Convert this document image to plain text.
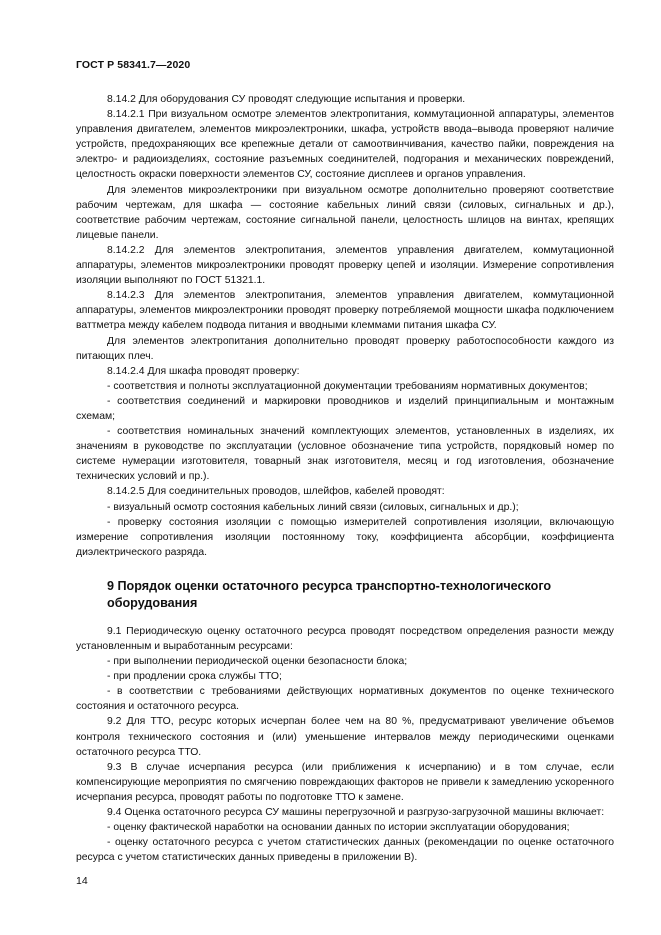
ГОСТ Р 58341.7—2020

8.14.2 Для оборудования СУ проводят следующие испытания и проверки.

8.14.2.1 При визуальном осмотре элементов электропитания, коммутационной аппаратуры, элементов управления двигателем, элементов микроэлектроники, шкафа, устройств ввода–вывода проверяют наличие устройств, предохраняющих все крепежные детали от самоотвинчивания, качество пайки, повреждения на электро- и радиоизделиях, состояние разъемных соединителей, подгорания и механических повреждений, целостность окраски поверхности элементов СУ, состояние дисплеев и органов управления.

Для элементов микроэлектроники при визуальном осмотре дополнительно проверяют соответствие рабочим чертежам, для шкафа — состояние кабельных линий связи (силовых, сигнальных и др.), соответствие рабочим чертежам, состояние сигнальной панели, целостность шлицов на винтах, крепящих лицевые панели.

8.14.2.2 Для элементов электропитания, элементов управления двигателем, коммутационной аппаратуры, элементов микроэлектроники проводят проверку цепей и изоляции. Измерение сопротивления изоляции выполняют по ГОСТ 51321.1.

8.14.2.3 Для элементов электропитания, элементов управления двигателем, коммутационной аппаратуры, элементов микроэлектроники проводят проверку потребляемой мощности шкафа подключением ваттметра между кабелем подвода питания и вводными клеммами питания шкафа СУ.

Для элементов электропитания дополнительно проводят проверку работоспособности каждого из питающих плеч.

8.14.2.4 Для шкафа проводят проверку:

- соответствия и полноты эксплуатационной документации требованиям нормативных документов;

- соответствия соединений и маркировки проводников и изделий принципиальным и монтажным схемам;

- соответствия номинальных значений комплектующих элементов, установленных в изделиях, их значениям в руководстве по эксплуатации (условное обозначение типа устройств, порядковый номер по системе нумерации изготовителя, товарный знак изготовителя, месяц и год изготовления, обозначение технических условий и пр.).

8.14.2.5 Для соединительных проводов, шлейфов, кабелей проводят:

- визуальный осмотр состояния кабельных линий связи (силовых, сигнальных и др.);

- проверку состояния изоляции с помощью измерителей сопротивления изоляции, включающую измерение сопротивления изоляции постоянному току, коэффициента абсорбции, коэффициента диэлектрического разряда.

9 Порядок оценки остаточного ресурса транспортно-технологического оборудования

9.1 Периодическую оценку остаточного ресурса проводят посредством определения разности между установленным и выработанным ресурсами:

- при выполнении периодической оценки безопасности блока;

- при продлении срока службы ТТО;

- в соответствии с требованиями действующих нормативных документов по оценке технического состояния и остаточного ресурса.

9.2 Для ТТО, ресурс которых исчерпан более чем на 80 %, предусматривают увеличение объемов контроля технического состояния и (или) уменьшение интервалов между периодическими оценками остаточного ресурса ТТО.

9.3 В случае исчерпания ресурса (или приближения к исчерпанию) и в том случае, если компенсирующие мероприятия по смягчению повреждающих факторов не привели к замедлению ускоренного исчерпания ресурса, проводят работы по подготовке ТТО к замене.

9.4 Оценка остаточного ресурса СУ машины перегрузочной и разгрузо-загрузочной машины включает:

- оценку фактической наработки на основании данных по истории эксплуатации оборудования;

- оценку остаточного ресурса с учетом статистических данных (рекомендации по оценке остаточного ресурса с учетом статистических данных приведены в приложении В).

14
